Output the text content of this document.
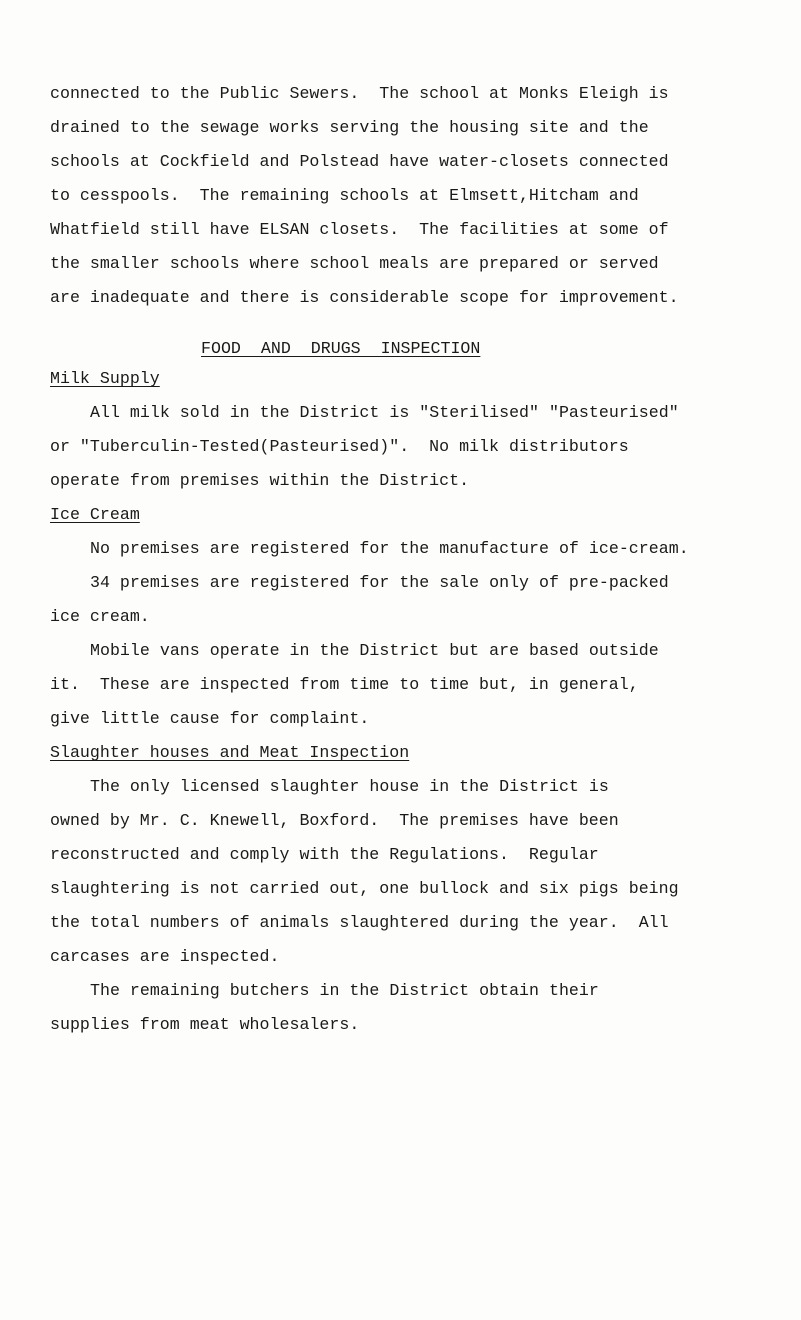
connected to the Public Sewers.  The school at Monks Eleigh is
drained to the sewage works serving the housing site and the
schools at Cockfield and Polstead have water-closets connected
to cesspools.  The remaining schools at Elmsett,Hitcham and
Whatfield still have ELSAN closets.  The facilities at some of
the smaller schools where school meals are prepared or served
are inadequate and there is considerable scope for improvement.
FOOD  AND  DRUGS  INSPECTION
Milk Supply
All milk sold in the District is "Sterilised" "Pasteurised"
or "Tuberculin-Tested(Pasteurised)".  No milk distributors
operate from premises within the District.
Ice Cream
No premises are registered for the manufacture of ice-cream.
34 premises are registered for the sale only of pre-packed
ice cream.
Mobile vans operate in the District but are based outside
it.  These are inspected from time to time but, in general,
give little cause for complaint.
Slaughter houses and Meat Inspection
The only licensed slaughter house in the District is
owned by Mr. C. Knewell, Boxford.  The premises have been
reconstructed and comply with the Regulations.  Regular
slaughtering is not carried out, one bullock and six pigs being
the total numbers of animals slaughtered during the year.  All
carcases are inspected.
The remaining butchers in the District obtain their
supplies from meat wholesalers.
